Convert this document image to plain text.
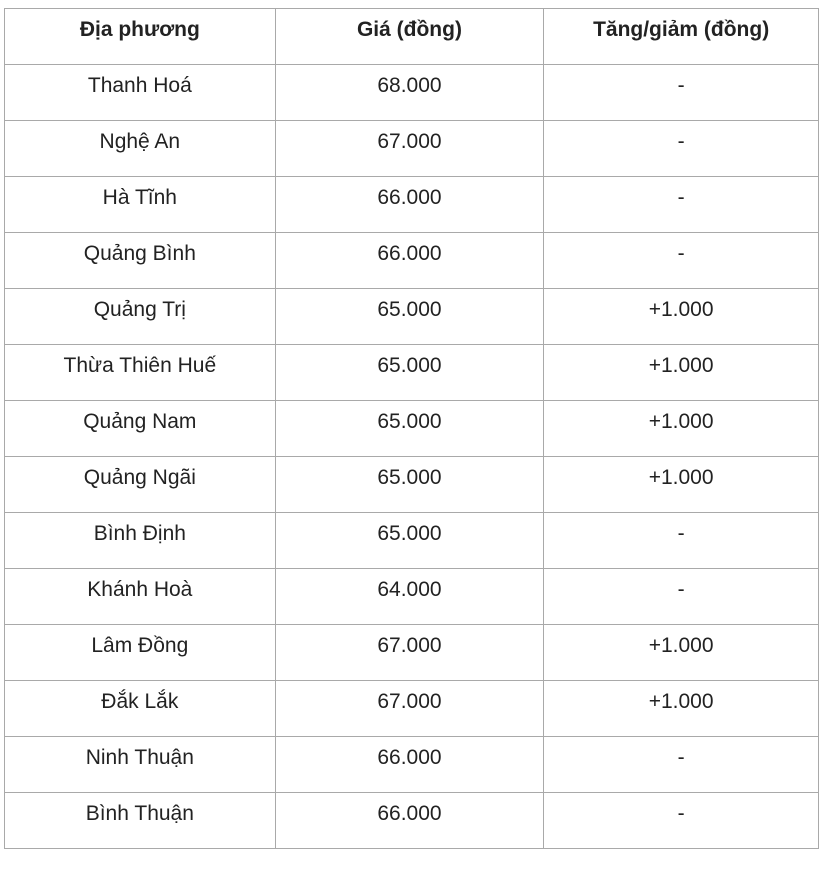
Địa phương	Giá (đồng)	Tăng/giảm (đồng)
Thanh Hoá	68.000	-
Nghệ An	67.000	-
Hà Tĩnh	66.000	-
Quảng Bình	66.000	-
Quảng Trị	65.000	+1.000
Thừa Thiên Huế	65.000	+1.000
Quảng Nam	65.000	+1.000
Quảng Ngãi	65.000	+1.000
Bình Định	65.000	-
Khánh Hoà	64.000	-
Lâm Đồng	67.000	+1.000
Đắk Lắk	67.000	+1.000
Ninh Thuận	66.000	-
Bình Thuận	66.000	-
